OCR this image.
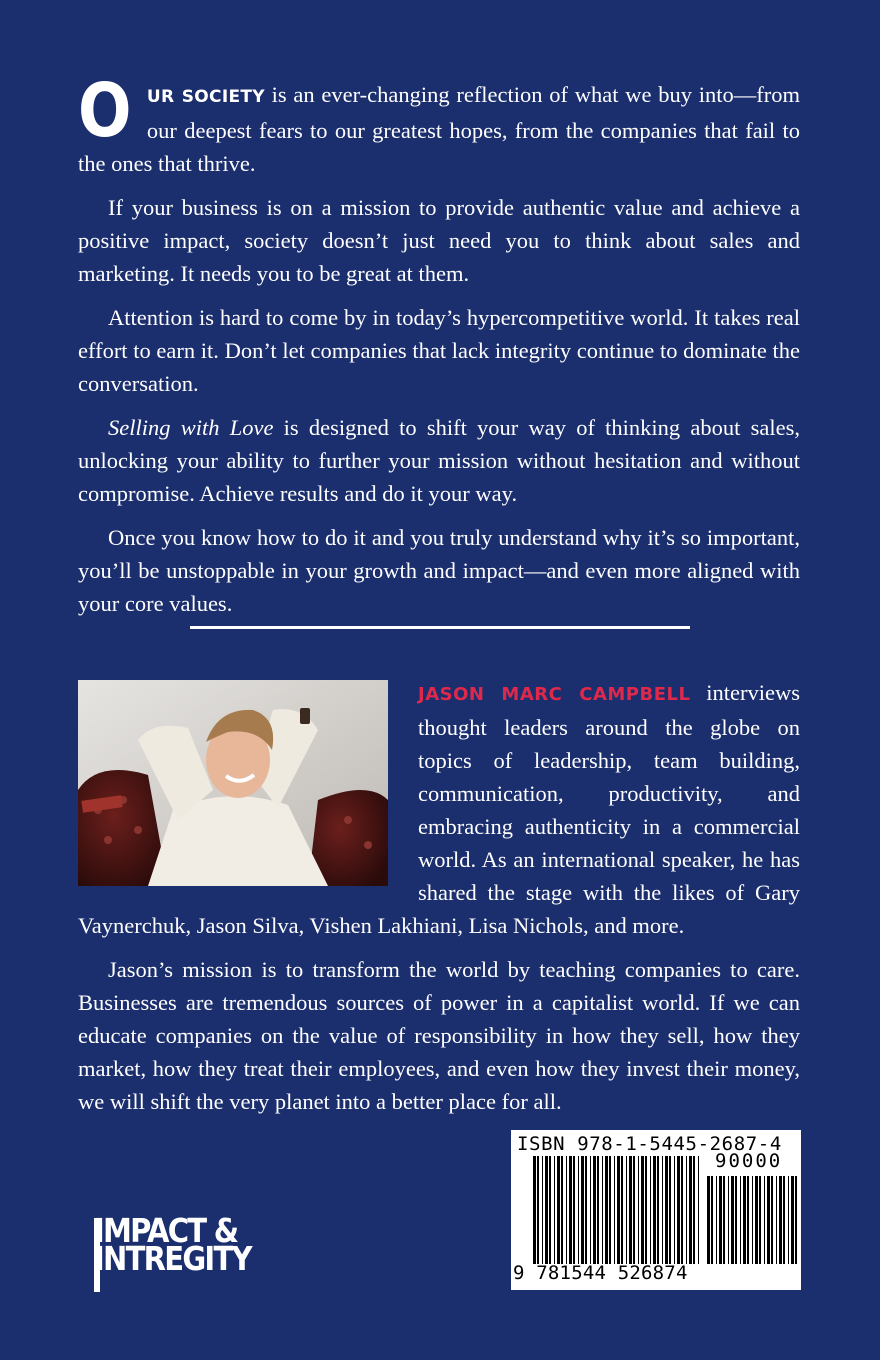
OUR SOCIETY is an ever-changing reflection of what we buy into—from our deepest fears to our greatest hopes, from the companies that fail to the ones that thrive.

If your business is on a mission to provide authentic value and achieve a positive impact, society doesn’t just need you to think about sales and marketing. It needs you to be great at them.

Attention is hard to come by in today’s hypercompetitive world. It takes real effort to earn it. Don’t let companies that lack integrity continue to dominate the conversation.

Selling with Love is designed to shift your way of thinking about sales, unlocking your ability to further your mission without hesitation and without compromise. Achieve results and do it your way.

Once you know how to do it and you truly understand why it’s so important, you’ll be unstoppable in your growth and impact—and even more aligned with your core values.

JASON MARC CAMPBELL interviews thought leaders around the globe on topics of leadership, team building, communication, productivity, and embracing authenticity in a commercial world. As an international speaker, he has shared the stage with the likes of Gary Vaynerchuk, Jason Silva, Vishen Lakhiani, Lisa Nichols, and more.

Jason’s mission is to transform the world by teaching companies to care. Businesses are tremendous sources of power in a capitalist world. If we can educate companies on the value of responsibility in how they sell, how they market, how they treat their employees, and even how they invest their money, we will shift the very planet into a better place for all.

IMPACT &
INTREGITY
ISBN 978-1-5445-2687-4
90000
9 781544 526874
